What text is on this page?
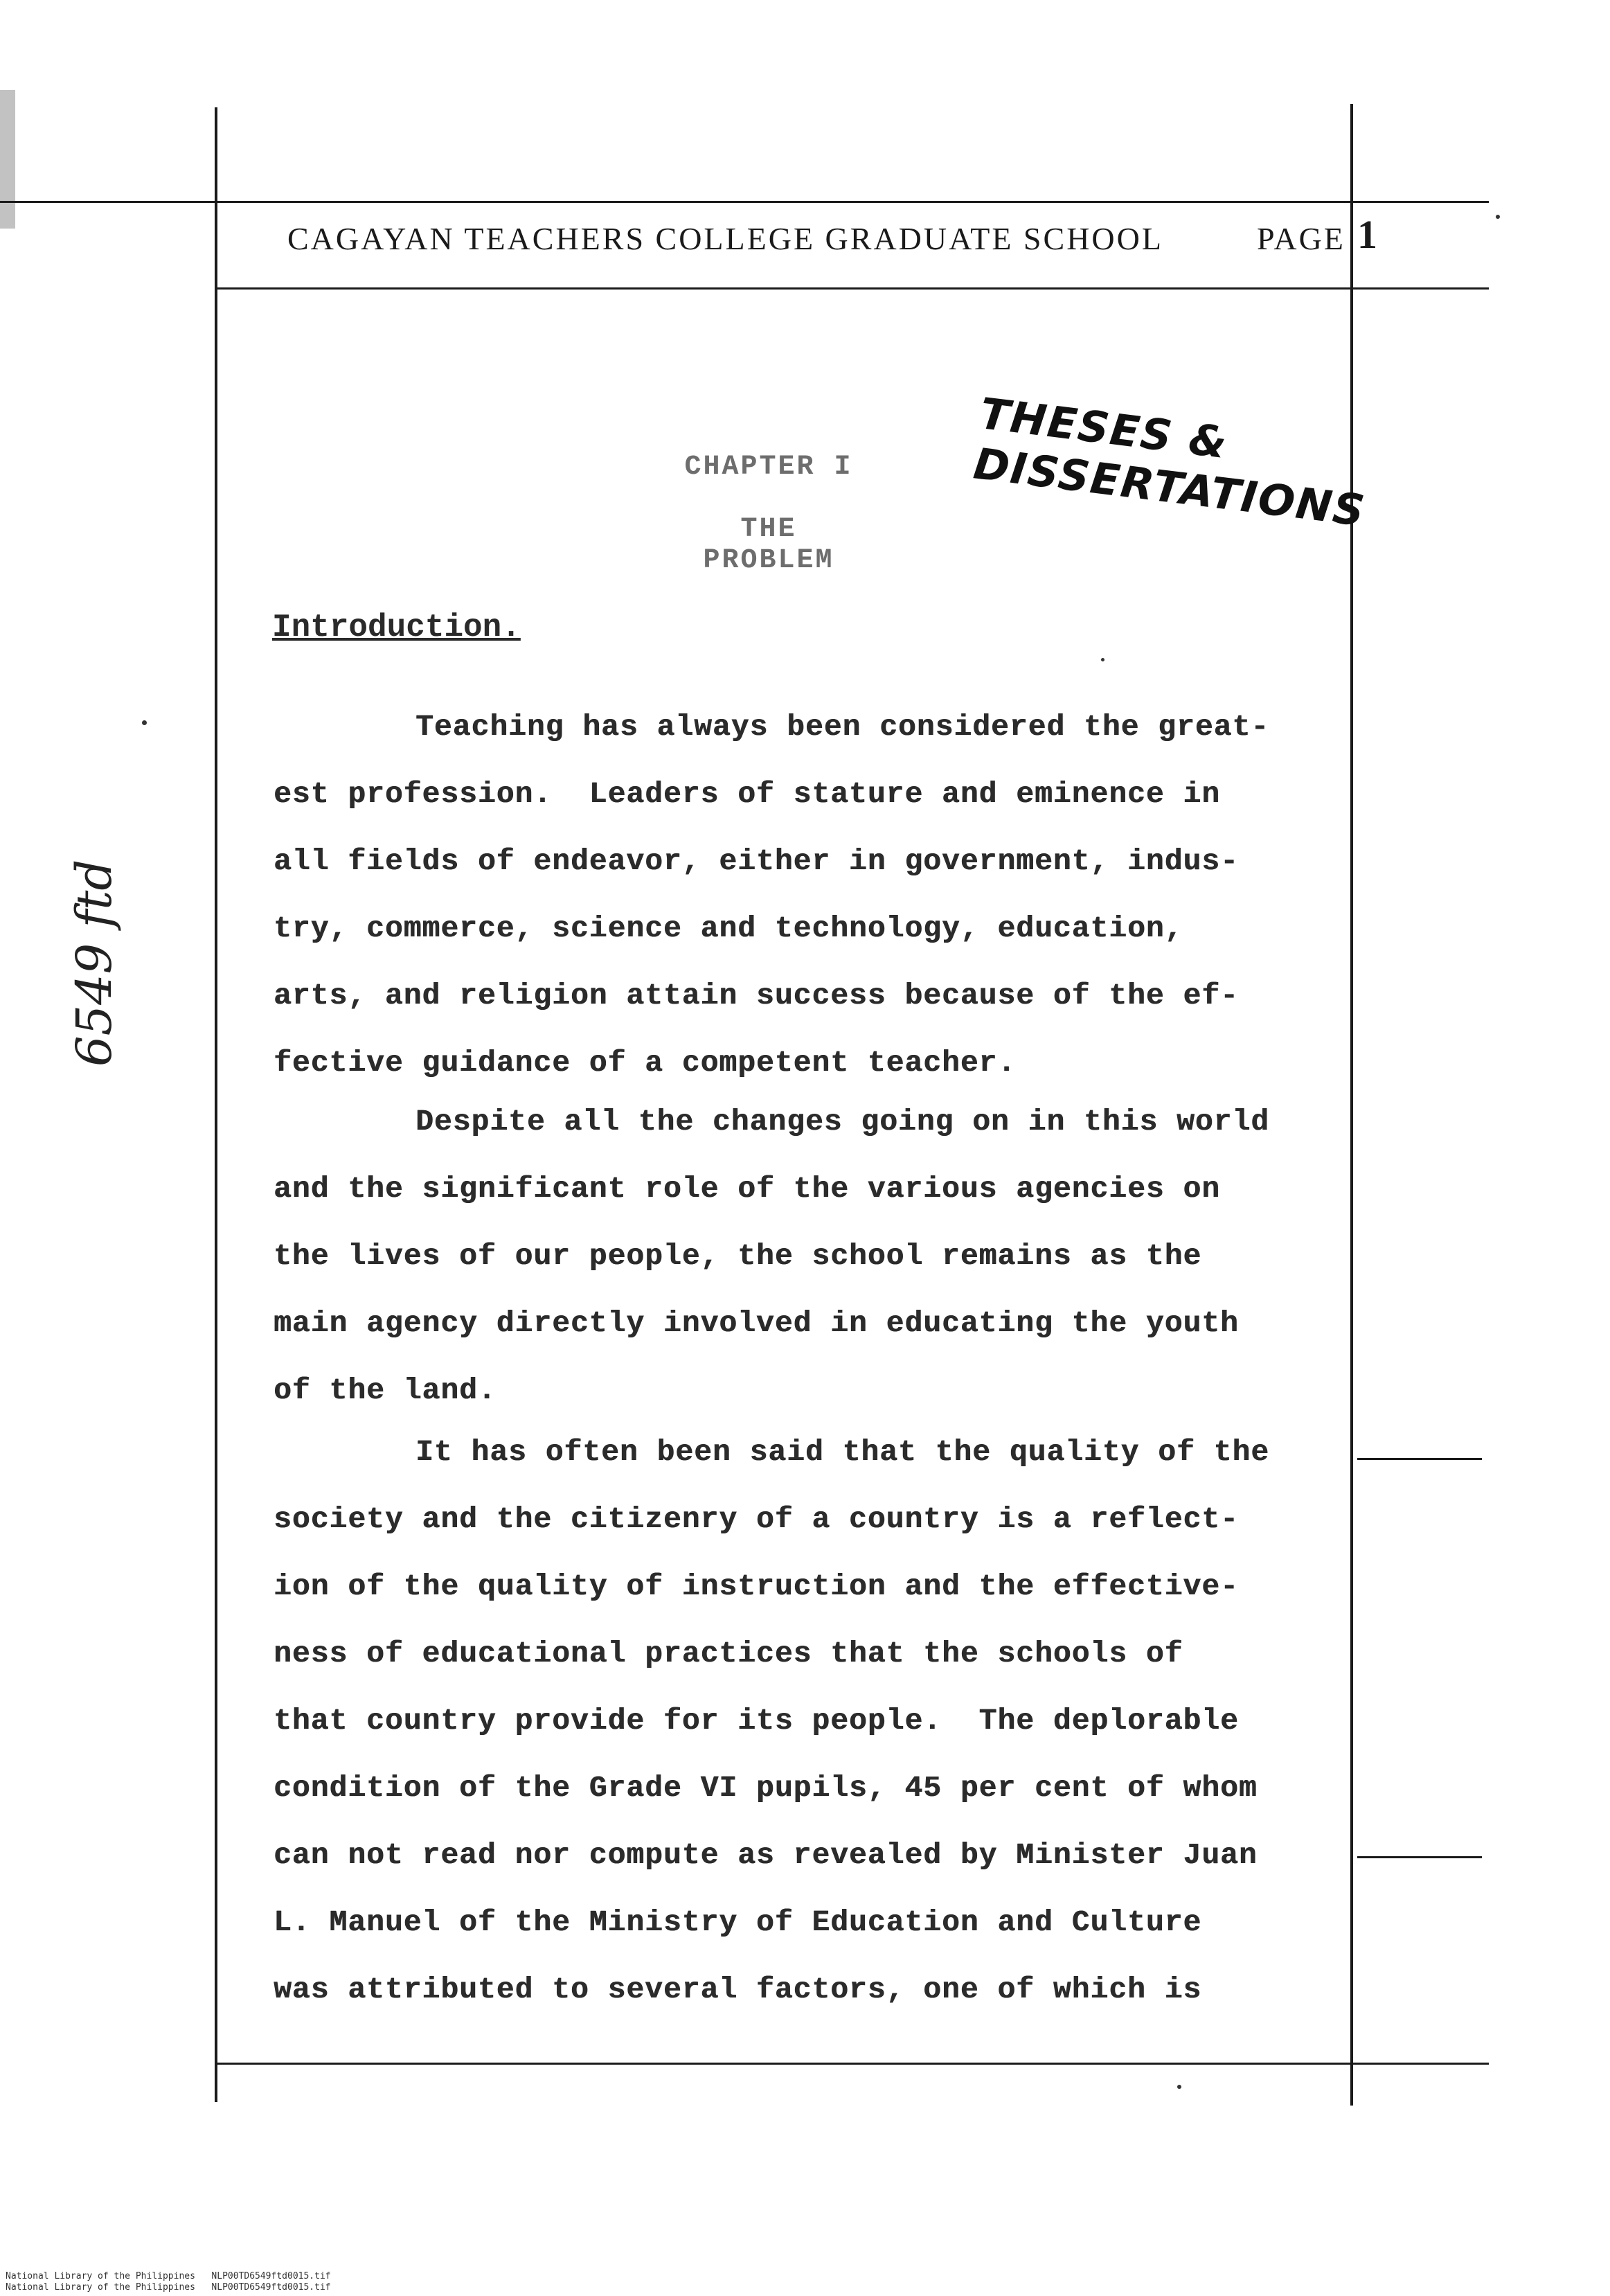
CAGAYAN TEACHERS COLLEGE GRADUATE SCHOOL	PAGE 1
THESES & DISSERTATIONS
CHAPTER I
THE PROBLEM
Introduction.
Teaching has always been considered the great-
est profession.  Leaders of stature and eminence in
all fields of endeavor, either in government, indus-
try, commerce, science and technology, education,
arts, and religion attain success because of the ef-
fective guidance of a competent teacher.
Despite all the changes going on in this world
and the significant role of the various agencies on
the lives of our people, the school remains as the
main agency directly involved in educating the youth
of the land.
It has often been said that the quality of the
society and the citizenry of a country is a reflect-
ion of the quality of instruction and the effective-
ness of educational practices that the schools of
that country provide for its people.  The deplorable
condition of the Grade VI pupils, 45 per cent of whom
can not read nor compute as revealed by Minister Juan
L. Manuel of the Ministry of Education and Culture
was attributed to several factors, one of which is
6549 ftd
National Library of the Philippines   NLP00TD6549ftd0015.tif
National Library of the Philippines   NLP00TD6549ftd0015.tif
